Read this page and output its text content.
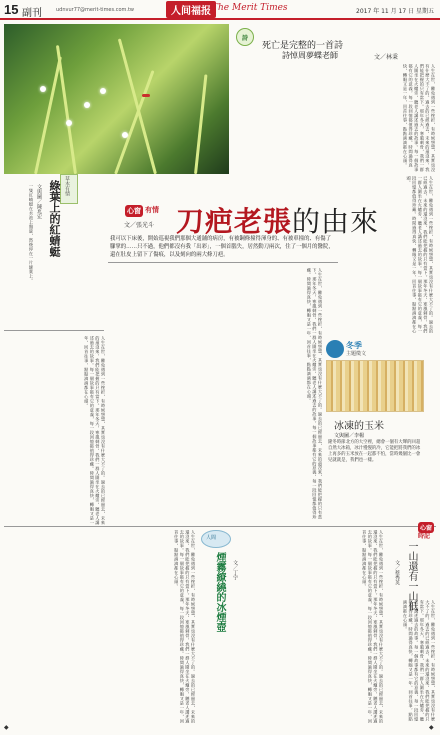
15 副刊	udnvur77@merit-times.com.tw	人间福报 The Merit Times	2017 年 11 月 17 日 星期五
詩
死亡是完整的一首詩
詩悼周夢蝶老師	文／林秉
人生在世，難免遇到一些挫折，有時候想想，其實也沒有什麼大不了的。過去的已經過去，未來的還沒來，我們能把握的只有當下。那年冬天，寒風刺骨，我們一群人圍坐在火爐旁，聽老人講述過去的故事。每一個故事都有它的意義，每一段回憶都值得珍藏。時間過得真快，轉眼又是一年，回首往事，點點滴滴都在心頭。
草木有情
綠葉上的紅蜻蜓
文與圖／陳兆宏
一隻紅蜻蜓在水池上盤旋，然後停在一片綠葉上。	心窗 有情 刀疤老張的由來
文／張光斗
我可以下床後，開始巡視我們那個大通舖的病房，有被鋼條撞得渾身的、有被車撞的、有傷了腳掌的……只不過，他們都沒有我「出彩」，一個首腦失，居然動刀兩次，住了一個月的醫院，還在肚皮上留下了傷痕，以及刻向的兩大條刀疤。
人生在世，難免遇到一些挫折，有時候想想，其實也沒有什麼大不了的。過去的已經過去，未來的還沒來，我們能把握的只有當下。那年冬天，寒風刺骨，我們一群人圍坐在火爐旁，聽老人講述過去的故事。每一個故事都有它的意義，每一段回憶都值得珍藏。時間過得真快，轉眼又是一年，回首往事，點點滴滴都在心頭。
人生在世，難免遇到一些挫折，有時候想想，其實也沒有什麼大不了的。過去的已經過去，未來的還沒來，我們能把握的只有當下。那年冬天，寒風刺骨，我們一群人圍坐在火爐旁，聽老人講述過去的故事。每一個故事都有它的意義，每一段回憶都值得珍藏。時間過得真快，轉眼又是一年，回首往事，點點滴滴都在心頭。
人生在世，難免遇到一些挫折，有時候想想，其實也沒有什麼大不了的。過去的已經過去，未來的還沒來，我們能把握的只有當下。那年冬天，寒風刺骨，我們一群人圍坐在火爐旁，聽老人講述過去的故事。每一個故事都有它的意義，每一段回憶都值得珍藏。時間過得真快，轉眼又是一年，回首往事，點點滴滴都在心頭。
冬季
主題徵文
冰凍的玉米
文與圖／李楊
隆冬時節北方的大空裡，總會一個有大聲的回超自然大冰箱，冰汁慢慢的冷，它能把將我們的冰上再多的玉米放在一起都不怕，當時幾個比一會兒就就是，我們也一樣。
人生在世，難免遇到一些挫折，有時候想想，其實也沒有什麼大不了的。過去的已經過去，未來的還沒來，我們能把握的只有當下。那年冬天，寒風刺骨，我們一群人圍坐在火爐旁，聽老人講述過去的故事。每一個故事都有它的意義，每一段回憶都值得珍藏。時間過得真快，轉眼又是一年，回首往事，點點滴滴都在心頭。	人間
煙霧繚繞的冰煙壺	文／丁宇	人生在世，難免遇到一些挫折，有時候想想，其實也沒有什麼大不了的。過去的已經過去，未來的還沒來，我們能把握的只有當下。那年冬天，寒風刺骨，我們一群人圍坐在火爐旁，聽老人講述過去的故事。每一個故事都有它的意義，每一段回憶都值得珍藏。時間過得真快，轉眼又是一年，回首往事，點點滴滴都在心頭。
心窗
時記
一山還有一山低
文／蔡秀英
人生在世，難免遇到一些挫折，有時候想想，其實也沒有什麼大不了的。過去的已經過去，未來的還沒來，我們能把握的只有當下。那年冬天，寒風刺骨，我們一群人圍坐在火爐旁，聽老人講述過去的故事。每一個故事都有它的意義，每一段回憶都值得珍藏。時間過得真快，轉眼又是一年，回首往事，點點滴滴都在心頭。
◆	◆
